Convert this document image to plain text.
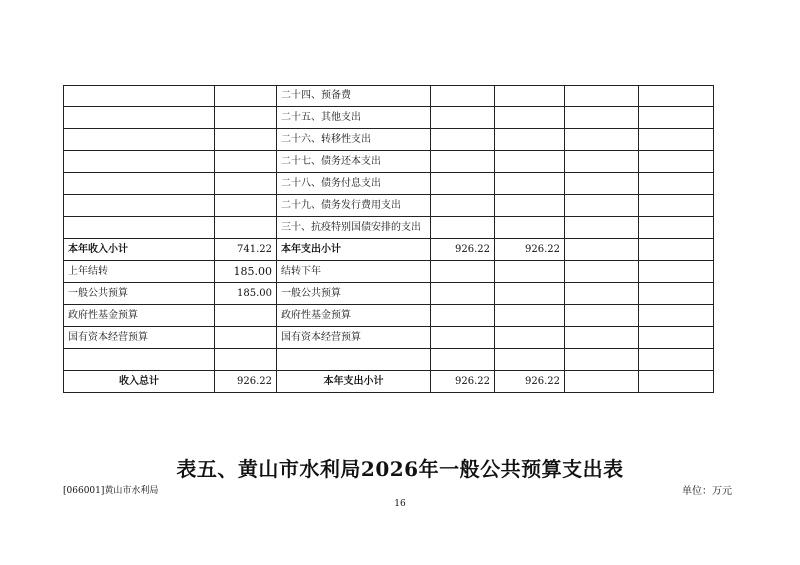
		二十四、预备费				
		二十五、其他支出				
		二十六、转移性支出				
		二十七、债务还本支出				
		二十八、债务付息支出				
		二十九、债务发行费用支出				
		三十、抗疫特别国债安排的支出				
本年收入小计	741.22	本年支出小计	926.22	926.22		
上年结转	185.00	结转下年				
一般公共预算	185.00	一般公共预算				
政府性基金预算		政府性基金预算				
国有资本经营预算		国有资本经营预算				

收入总计	926.22	本年支出小计	926.22	926.22		
表五、黄山市水利局2026年一般公共预算支出表
[066001]黄山市水利局	单位：万元
16
